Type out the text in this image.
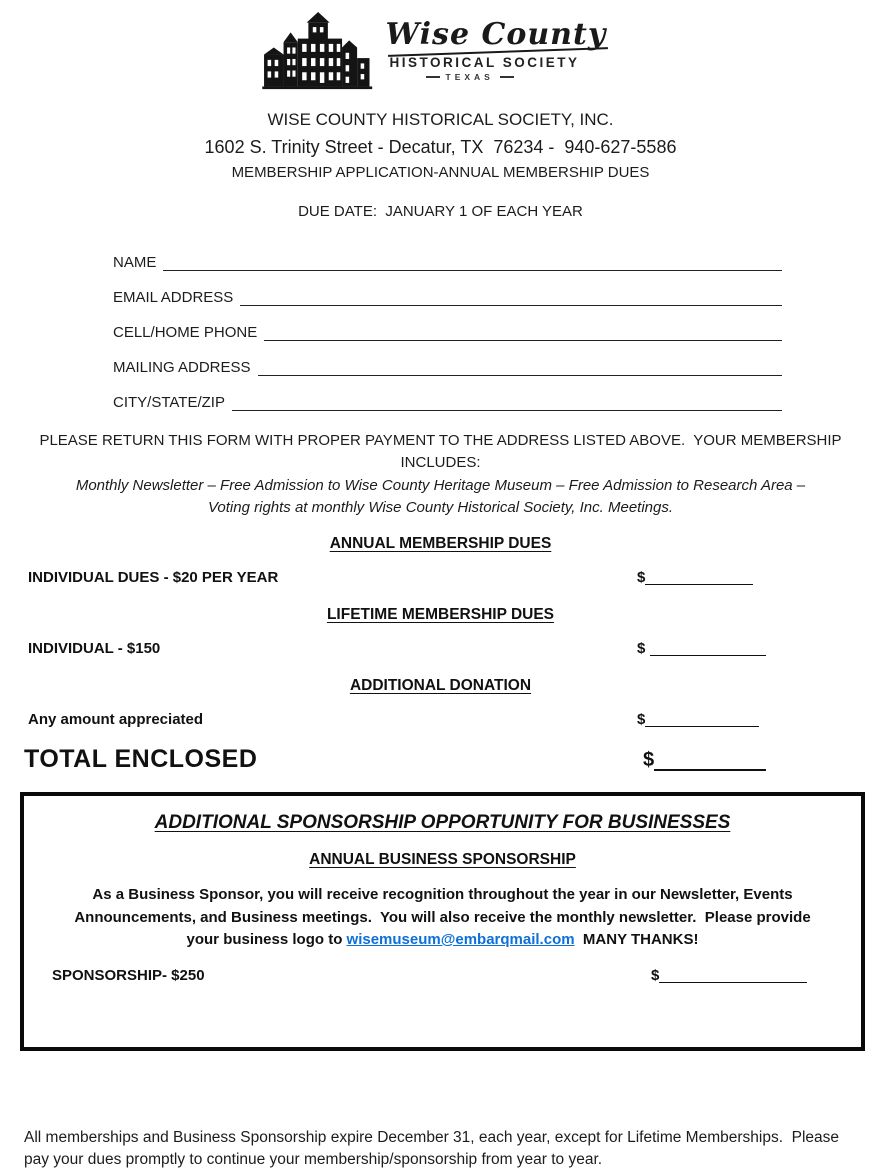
Wise County
HISTORICAL SOCIETY
TEXAS
WISE COUNTY HISTORICAL SOCIETY, INC.
1602 S. Trinity Street - Decatur, TX  76234 -  940-627-5586
MEMBERSHIP APPLICATION-ANNUAL MEMBERSHIP DUES
DUE DATE:  JANUARY 1 OF EACH YEAR
NAME
EMAIL ADDRESS
CELL/HOME PHONE
MAILING ADDRESS
CITY/STATE/ZIP
PLEASE RETURN THIS FORM WITH PROPER PAYMENT TO THE ADDRESS LISTED ABOVE.  YOUR MEMBERSHIP INCLUDES:
Monthly Newsletter – Free Admission to Wise County Heritage Museum – Free Admission to Research Area – Voting rights at monthly Wise County Historical Society, Inc. Meetings.
ANNUAL MEMBERSHIP DUES
INDIVIDUAL DUES - $20 PER YEAR	$
LIFETIME MEMBERSHIP DUES
INDIVIDUAL - $150	$
ADDITIONAL DONATION
Any amount appreciated	$
TOTAL ENCLOSED	$
ADDITIONAL SPONSORSHIP OPPORTUNITY FOR BUSINESSES
ANNUAL BUSINESS SPONSORSHIP
As a Business Sponsor, you will receive recognition throughout the year in our Newsletter, Events Announcements, and Business meetings.  You will also receive the monthly newsletter.  Please provide your business logo to wisemuseum@embarqmail.com  MANY THANKS!
SPONSORSHIP- $250	$
All memberships and Business Sponsorship expire December 31, each year, except for Lifetime Memberships.  Please pay your dues promptly to continue your membership/sponsorship from year to year.
